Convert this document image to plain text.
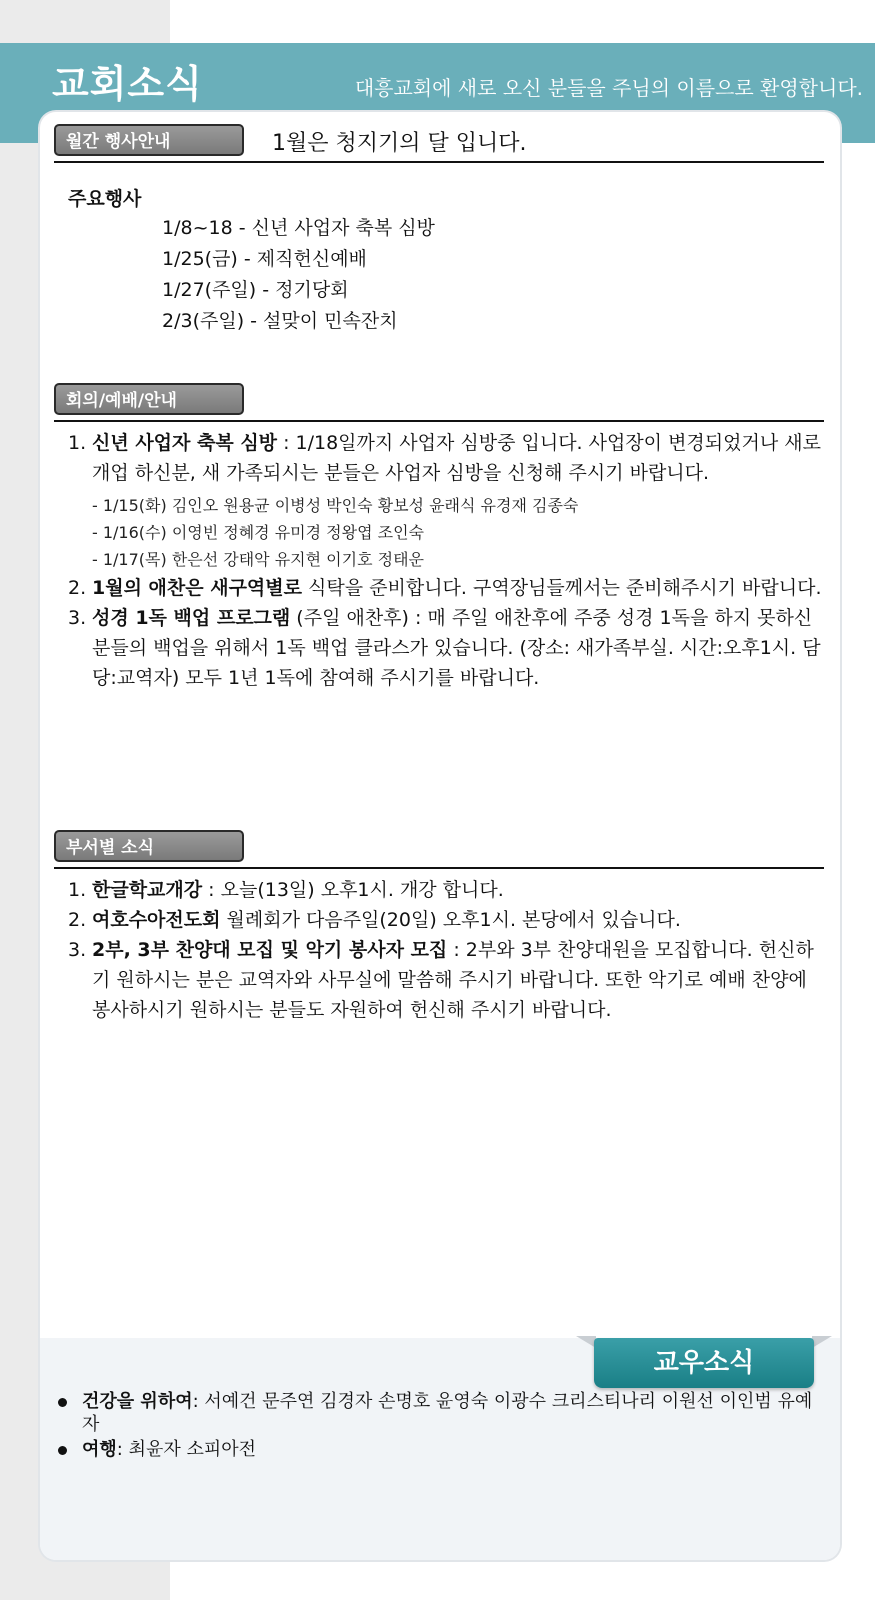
교회소식	대흥교회에 새로 오신 분들을 주님의 이름으로 환영합니다.
월간 행사안내	1월은 청지기의 달 입니다.
주요행사
1/8~18 - 신년 사업자 축복 심방
1/25(금) - 제직헌신예배
1/27(주일) - 정기당회
2/3(주일) - 설맞이 민속잔치
회의/예배/안내
1. 신년 사업자 축복 심방 : 1/18일까지 사업자 심방중 입니다. 사업장이 변경되었거나 새로 개업 하신분, 새 가족되시는 분들은 사업자 심방을 신청해 주시기 바랍니다.
- 1/15(화) 김인오 원용균 이병성 박인숙 황보성 윤래식 유경재 김종숙
- 1/16(수) 이영빈 정혜경 유미경 정왕엽 조인숙
- 1/17(목) 한은선 강태악 유지현 이기호 정태운
2. 1월의 애찬은 새구역별로 식탁을 준비합니다. 구역장님들께서는 준비해주시기 바랍니다.
3. 성경 1독 백업 프로그램 (주일 애찬후) : 매 주일 애찬후에 주중 성경 1독을 하지 못하신 분들의 백업을 위해서 1독 백업 클라스가 있습니다. (장소: 새가족부실. 시간:오후1시. 담당:교역자) 모두 1년 1독에 참여해 주시기를 바랍니다.
부서별 소식
1. 한글학교개강 : 오늘(13일) 오후1시. 개강 합니다.
2. 여호수아전도회 월례회가 다음주일(20일) 오후1시. 본당에서 있습니다.
3. 2부, 3부 찬양대 모집 및 악기 봉사자 모집 : 2부와 3부 찬양대원을 모집합니다. 헌신하기 원하시는 분은 교역자와 사무실에 말씀해 주시기 바랍니다. 또한 악기로 예배 찬양에 봉사하시기 원하시는 분들도 자원하여 헌신해 주시기 바랍니다.
교우소식
건강을 위하여: 서예건 문주연 김경자 손명호 윤영숙 이광수 크리스티나리 이원선 이인범 유예자
여행: 최윤자 소피아전
